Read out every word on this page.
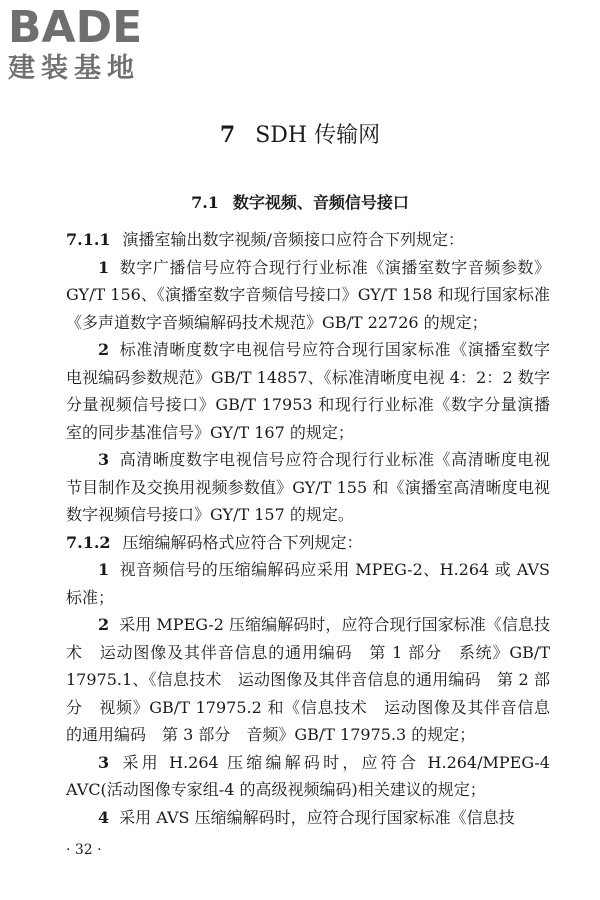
BADE
建装基地
7 SDH 传输网
7.1 数字视频、音频信号接口

7.1.1 演播室输出数字视频/音频接口应符合下列规定：

1 数字广播信号应符合现行行业标准《演播室数字音频参数》GY/T 156、《演播室数字音频信号接口》GY/T 158 和现行国家标准《多声道数字音频编解码技术规范》GB/T 22726 的规定；

2 标准清晰度数字电视信号应符合现行国家标准《演播室数字电视编码参数规范》GB/T 14857、《标准清晰度电视 4：2：2 数字分量视频信号接口》GB/T 17953 和现行行业标准《数字分量演播室的同步基准信号》GY/T 167 的规定；

3 高清晰度数字电视信号应符合现行行业标准《高清晰度电视节目制作及交换用视频参数值》GY/T 155 和《演播室高清晰度电视数字视频信号接口》GY/T 157 的规定。

7.1.2 压缩编解码格式应符合下列规定：

1 视音频信号的压缩编解码应采用 MPEG-2、H.264 或 AVS 标准；

2 采用 MPEG-2 压缩编解码时，应符合现行国家标准《信息技术　运动图像及其伴音信息的通用编码　第 1 部分　系统》GB/T 17975.1、《信息技术　运动图像及其伴音信息的通用编码　第 2 部分　视频》GB/T 17975.2 和《信息技术　运动图像及其伴音信息的通用编码　第 3 部分　音频》GB/T 17975.3 的规定；

3 采用 H.264 压缩编解码时，应符合 H.264/MPEG-4 AVC(活动图像专家组-4 的高级视频编码)相关建议的规定；

4 采用 AVS 压缩编解码时，应符合现行国家标准《信息技

· 32 ·
